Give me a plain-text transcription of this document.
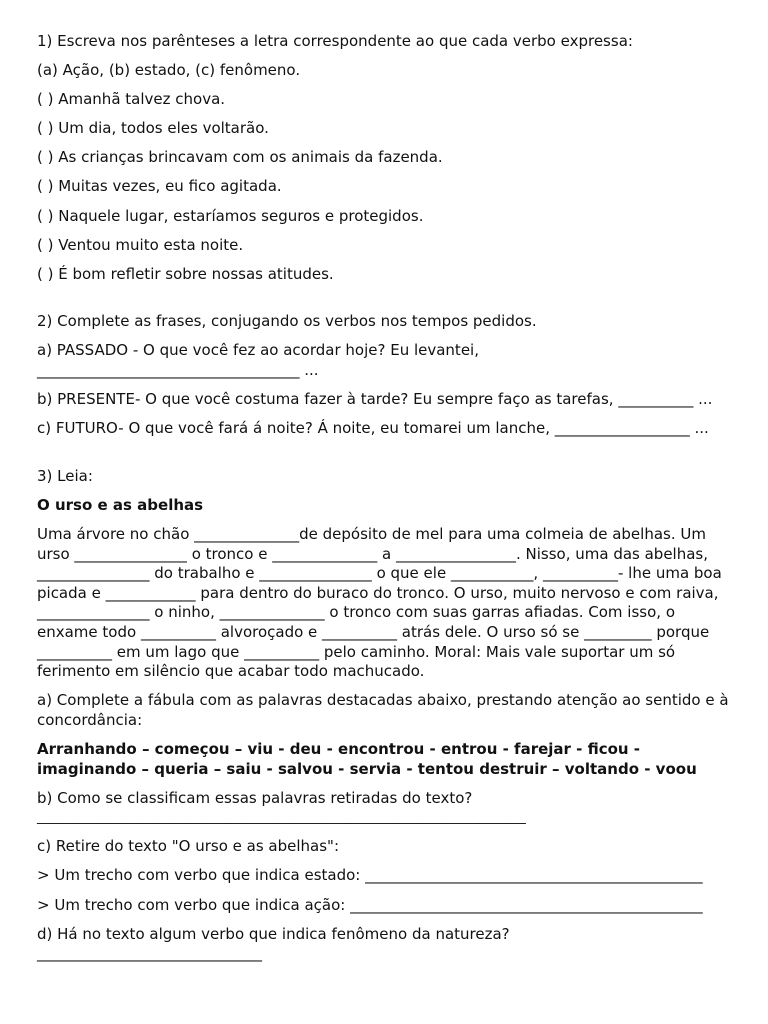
1) Escreva nos parênteses a letra correspondente ao que cada verbo expressa:

(a) Ação, (b) estado, (c) fenômeno.

( ) Amanhã talvez chova.

( ) Um dia, todos eles voltarão.

( ) As crianças brincavam com os animais da fazenda.

( ) Muitas vezes, eu fico agitada.

( ) Naquele lugar, estaríamos seguros e protegidos.

( ) Ventou muito esta noite.

( ) É bom refletir sobre nossas atitudes.

2) Complete as frases, conjugando os verbos nos tempos pedidos.

a) PASSADO - O que você fez ao acordar hoje? Eu levantei, ___________________________________ ...

b) PRESENTE- O que você costuma fazer à tarde? Eu sempre faço as tarefas, __________ ...

c) FUTURO- O que você fará á noite? Á noite, eu tomarei um lanche, __________________ ...

3) Leia:

O urso e as abelhas

Uma árvore no chão ______________de depósito de mel para uma colmeia de abelhas. Um urso _______________ o tronco e ______________ a ________________. Nisso, uma das abelhas, _______________ do trabalho e _______________ o que ele ___________, __________- lhe uma boa picada e ____________ para dentro do buraco do tronco. O urso, muito nervoso e com raiva, _______________ o ninho, ______________ o tronco com suas garras afiadas. Com isso, o enxame todo __________ alvoroçado e __________ atrás dele. O urso só se _________ porque __________ em um lago que __________ pelo caminho. Moral: Mais vale suportar um só ferimento em silêncio que acabar todo machucado.

a) Complete a fábula com as palavras destacadas abaixo, prestando atenção ao sentido e à concordância:

Arranhando – começou – viu - deu - encontrou - entrou - farejar - ficou - imaginando – queria – saiu - salvou - servia - tentou destruir – voltando - voou

b) Como se classificam essas palavras retiradas do texto?

_________________________________________________________________________

c) Retire do texto "O urso e as abelhas":

> Um trecho com verbo que indica estado: _____________________________________________

> Um trecho com verbo que indica ação: _______________________________________________

d) Há no texto algum verbo que indica fenômeno da natureza?

______________________________
